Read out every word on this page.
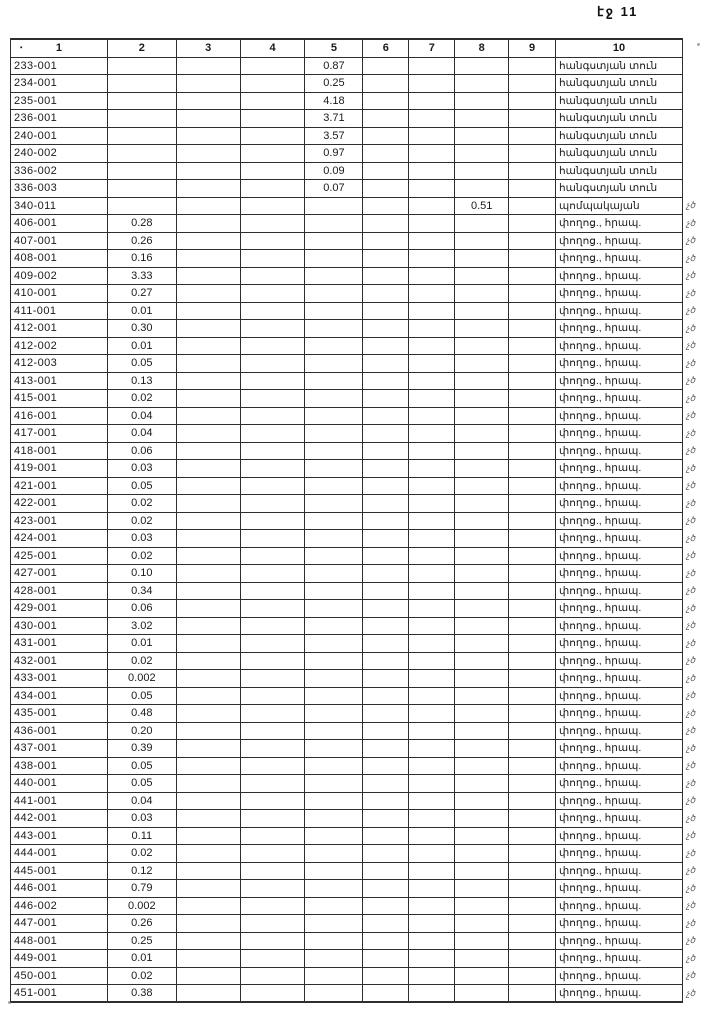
էջ 11
▪ 1	2	3	4	5	6	7	8	9	10	
233-001				0.87					հանգստյան տուն	
234-001				0.25					հանգստյան տուն	
235-001				4.18					հանգստյան տուն	
236-001				3.71					հանգստյան տուն	
240-001				3.57					հանգստյան տուն	
240-002				0.97					հանգստյան տուն	
336-002				0.09					հանգստյան տուն	
336-003				0.07					հանգստյան տուն	
340-011							0.51		պոմպակայան	չծ
406-001	0.28								փողոց., հրապ.	չծ
407-001	0.26								փողոց., հրապ.	չծ
408-001	0.16								փողոց., հրապ.	չծ
409-002	3.33								փողոց., հրապ.	չծ
410-001	0.27								փողոց., հրապ.	չծ
411-001	0.01								փողոց., հրապ.	չծ
412-001	0.30								փողոց., հրապ.	չծ
412-002	0.01								փողոց., հրապ.	չծ
412-003	0.05								փողոց., հրապ.	չծ
413-001	0.13								փողոց., հրապ.	չծ
415-001	0.02								փողոց., հրապ.	չծ
416-001	0.04								փողոց., հրապ.	չծ
417-001	0.04								փողոց., հրապ.	չծ
418-001	0.06								փողոց., հրապ.	չծ
419-001	0.03								փողոց., հրապ.	չծ
421-001	0.05								փողոց., հրապ.	չծ
422-001	0.02								փողոց., հրապ.	չծ
423-001	0.02								փողոց., հրապ.	չծ
424-001	0.03								փողոց., հրապ.	չծ
425-001	0.02								փողոց., հրապ.	չծ
427-001	0.10								փողոց., հրապ.	չծ
428-001	0.34								փողոց., հրապ.	չծ
429-001	0.06								փողոց., հրապ.	չծ
430-001	3.02								փողոց., հրապ.	չծ
431-001	0.01								փողոց., հրապ.	չծ
432-001	0.02								փողոց., հրապ.	չծ
433-001	0.002								փողոց., հրապ.	չծ
434-001	0.05								փողոց., հրապ.	չծ
435-001	0.48								փողոց., հրապ.	չծ
436-001	0.20								փողոց., հրապ.	չծ
437-001	0.39								փողոց., հրապ.	չծ
438-001	0.05								փողոց., հրապ.	չծ
440-001	0.05								փողոց., հրապ.	չծ
441-001	0.04								փողոց., հրապ.	չծ
442-001	0.03								փողոց., հրապ.	չծ
443-001	0.11								փողոց., հրապ.	չծ
444-001	0.02								փողոց., հրապ.	չծ
445-001	0.12								փողոց., հրապ.	չծ
446-001	0.79								փողոց., հրապ.	չծ
446-002	0.002								փողոց., հրապ.	չծ
447-001	0.26								փողոց., հրապ.	չծ
448-001	0.25								փողոց., հրապ.	չծ
449-001	0.01								փողոց., հրապ.	չծ
450-001	0.02								փողոց., հրապ.	չծ
451-001	0.38								փողոց., հրապ.	չծ
